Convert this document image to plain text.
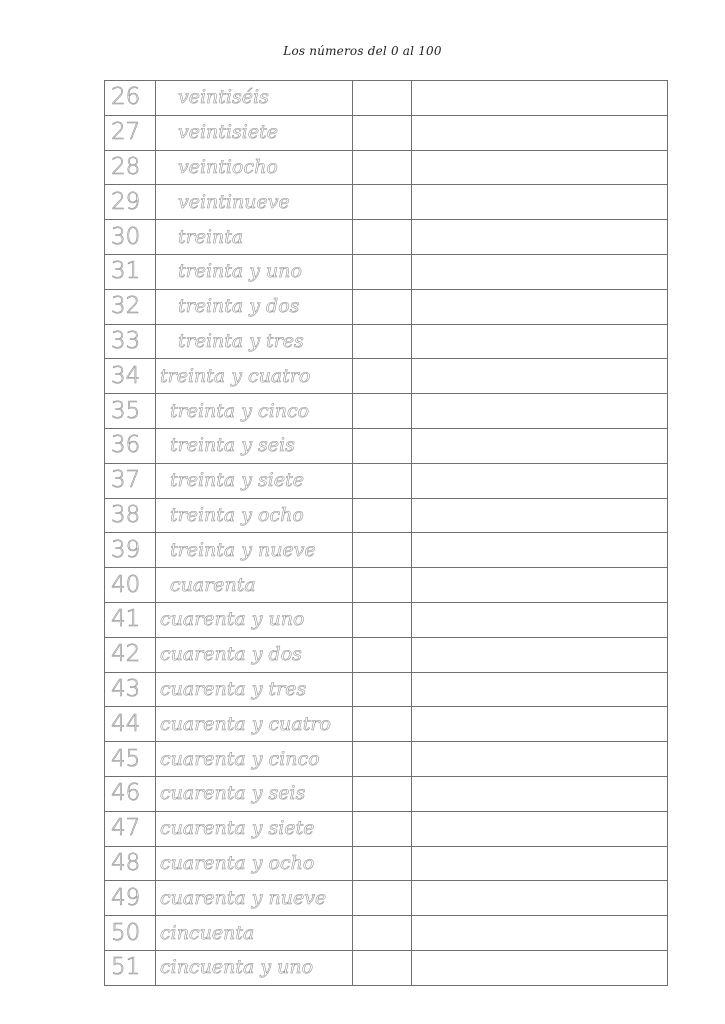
Los números del 0 al 100
26	veintiséis		
27	veintisiete		
28	veintiocho		
29	veintinueve		
30	treinta		
31	treinta y uno		
32	treinta y dos		
33	treinta y tres		
34	treinta y cuatro		
35	treinta y cinco		
36	treinta y seis		
37	treinta y siete		
38	treinta y ocho		
39	treinta y nueve		
40	cuarenta		
41	cuarenta y uno		
42	cuarenta y dos		
43	cuarenta y tres		
44	cuarenta y cuatro		
45	cuarenta y cinco		
46	cuarenta y seis		
47	cuarenta y siete		
48	cuarenta y ocho		
49	cuarenta y nueve		
50	cincuenta		
51	cincuenta y uno		
